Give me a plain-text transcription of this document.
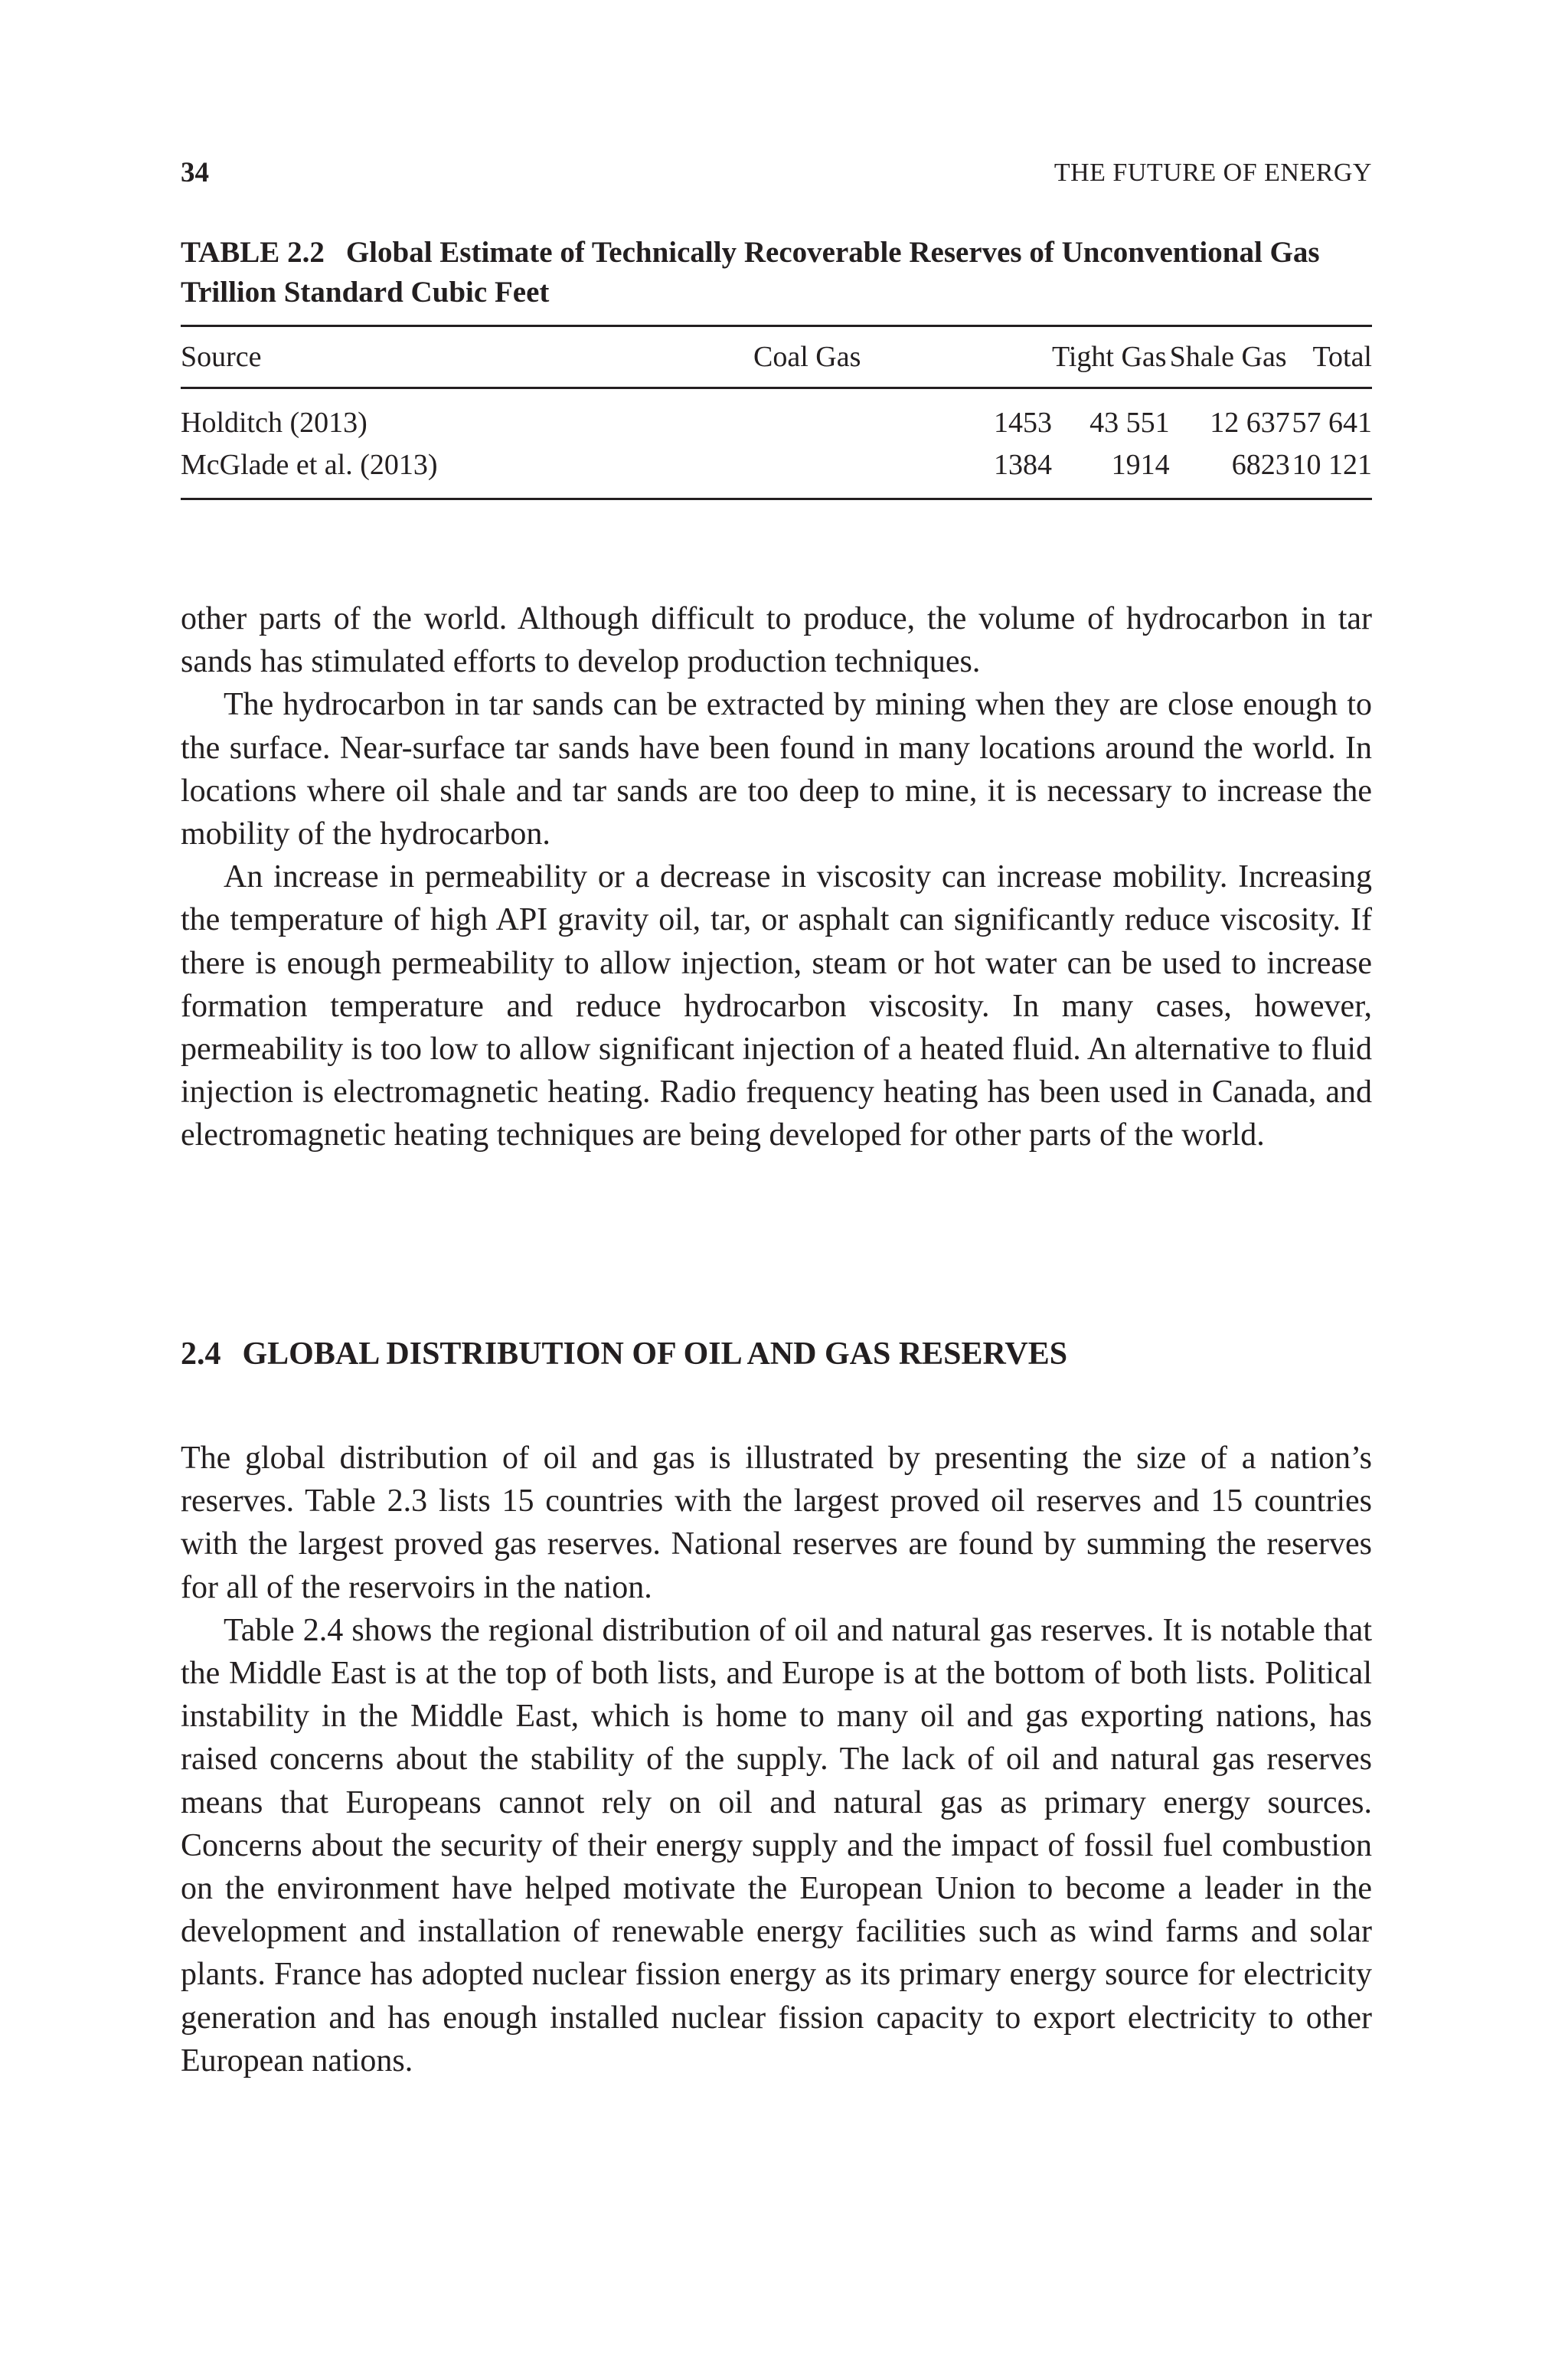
34	THE FUTURE OF ENERGY

TABLE 2.2 Global Estimate of Technically Recoverable Reserves of Unconventional Gas Trillion Standard Cubic Feet

Source	Coal Gas	Tight Gas	Shale Gas	Total
Holditch (2013)	1453	43 551	12 637	57 641
McGlade et al. (2013)	1384	1914	6823	10 121

other parts of the world. Although difficult to produce, the volume of hydrocarbon in tar sands has stimulated efforts to develop production techniques.

The hydrocarbon in tar sands can be extracted by mining when they are close enough to the surface. Near-surface tar sands have been found in many locations around the world. In locations where oil shale and tar sands are too deep to mine, it is necessary to increase the mobility of the hydrocarbon.

An increase in permeability or a decrease in viscosity can increase mobility. Increasing the temperature of high API gravity oil, tar, or asphalt can significantly reduce viscosity. If there is enough permeability to allow injection, steam or hot water can be used to increase formation temperature and reduce hydrocarbon viscosity. In many cases, however, permeability is too low to allow significant injection of a heated fluid. An alternative to fluid injection is electromagnetic heating. Radio frequency heating has been used in Canada, and electromagnetic heating techniques are being developed for other parts of the world.

2.4 GLOBAL DISTRIBUTION OF OIL AND GAS RESERVES

The global distribution of oil and gas is illustrated by presenting the size of a nation’s reserves. Table 2.3 lists 15 countries with the largest proved oil reserves and 15 countries with the largest proved gas reserves. National reserves are found by summing the reserves for all of the reservoirs in the nation.

Table 2.4 shows the regional distribution of oil and natural gas reserves. It is notable that the Middle East is at the top of both lists, and Europe is at the bottom of both lists. Political instability in the Middle East, which is home to many oil and gas exporting nations, has raised concerns about the stability of the supply. The lack of oil and natural gas reserves means that Europeans cannot rely on oil and natural gas as primary energy sources. Concerns about the security of their energy supply and the impact of fossil fuel combustion on the environment have helped motivate the European Union to become a leader in the development and installation of renewable energy facilities such as wind farms and solar plants. France has adopted nuclear fission energy as its primary energy source for electricity generation and has enough installed nuclear fission capacity to export electricity to other European nations.
